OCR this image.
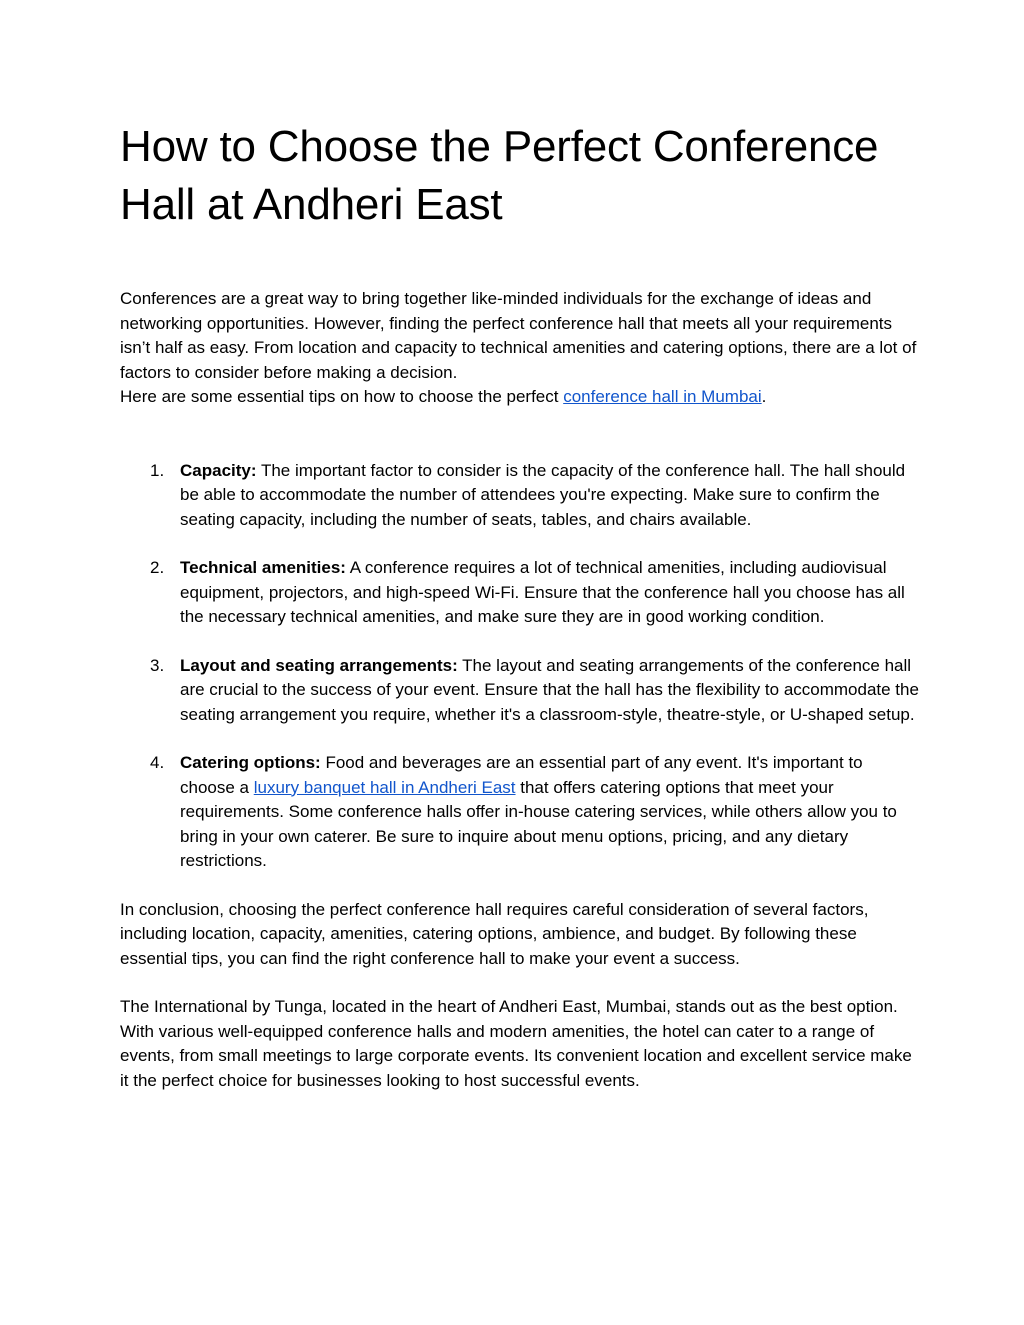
How to Choose the Perfect Conference Hall at Andheri East

Conferences are a great way to bring together like-minded individuals for the exchange of ideas and networking opportunities. However, finding the perfect conference hall that meets all your requirements isn’t half as easy. From location and capacity to technical amenities and catering options, there are a lot of factors to consider before making a decision.

Here are some essential tips on how to choose the perfect conference hall in Mumbai.

1. Capacity: The important factor to consider is the capacity of the conference hall. The hall should be able to accommodate the number of attendees you're expecting. Make sure to confirm the seating capacity, including the number of seats, tables, and chairs available.
2. Technical amenities: A conference requires a lot of technical amenities, including audiovisual equipment, projectors, and high-speed Wi-Fi. Ensure that the conference hall you choose has all the necessary technical amenities, and make sure they are in good working condition.
3. Layout and seating arrangements: The layout and seating arrangements of the conference hall are crucial to the success of your event. Ensure that the hall has the flexibility to accommodate the seating arrangement you require, whether it's a classroom-style, theatre-style, or U-shaped setup.
4. Catering options: Food and beverages are an essential part of any event. It's important to choose a luxury banquet hall in Andheri East that offers catering options that meet your requirements. Some conference halls offer in-house catering services, while others allow you to bring in your own caterer. Be sure to inquire about menu options, pricing, and any dietary restrictions.

In conclusion, choosing the perfect conference hall requires careful consideration of several factors, including location, capacity, amenities, catering options, ambience, and budget. By following these essential tips, you can find the right conference hall to make your event a success.

The International by Tunga, located in the heart of Andheri East, Mumbai, stands out as the best option. With various well-equipped conference halls and modern amenities, the hotel can cater to a range of events, from small meetings to large corporate events. Its convenient location and excellent service make it the perfect choice for businesses looking to host successful events.
